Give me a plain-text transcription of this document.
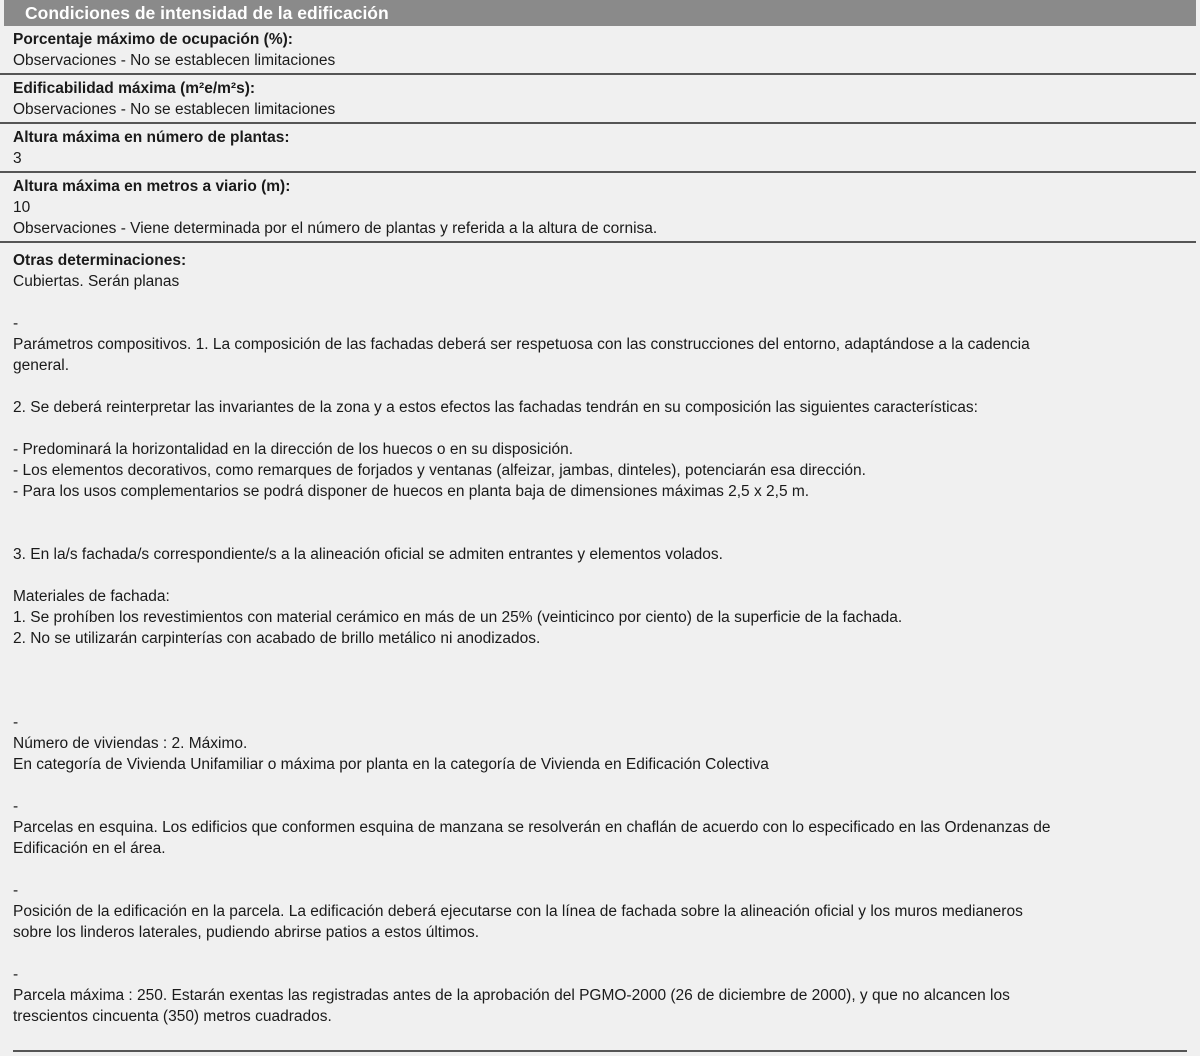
Condiciones de intensidad de la edificación
Porcentaje máximo de ocupación (%):
Observaciones - No se establecen limitaciones
Edificabilidad máxima (m²e/m²s):
Observaciones - No se establecen limitaciones
Altura máxima en número de plantas:
3
Altura máxima en metros a viario (m):
10
Observaciones - Viene determinada por el número de plantas y referida a la altura de cornisa.
Otras determinaciones:
Cubiertas. Serán planas
-
Parámetros compositivos. 1. La composición de las fachadas deberá ser respetuosa con las construcciones del entorno, adaptándose a la cadencia
general.
2. Se deberá reinterpretar las invariantes de la zona y a estos efectos las fachadas tendrán en su composición las siguientes características:
- Predominará la horizontalidad en la dirección de los huecos o en su disposición.
- Los elementos decorativos, como remarques de forjados y ventanas (alfeizar, jambas, dinteles), potenciarán esa dirección.
- Para los usos complementarios se podrá disponer de huecos en planta baja de dimensiones máximas 2,5 x 2,5 m.
3. En la/s fachada/s correspondiente/s a la alineación oficial se admiten entrantes y elementos volados.
Materiales de fachada:
1. Se prohíben los revestimientos con material cerámico en más de un 25% (veinticinco por ciento) de la superficie de la fachada.
2. No se utilizarán carpinterías con acabado de brillo metálico ni anodizados.
-
Número de viviendas : 2. Máximo.
En categoría de Vivienda Unifamiliar o máxima por planta en la categoría de Vivienda en Edificación Colectiva
-
Parcelas en esquina. Los edificios que conformen esquina de manzana se resolverán en chaflán de acuerdo con lo especificado en las Ordenanzas de
Edificación en el área.
-
Posición de la edificación en la parcela. La edificación deberá ejecutarse con la línea de fachada sobre la alineación oficial y los muros medianeros
sobre los linderos laterales, pudiendo abrirse patios a estos últimos.
-
Parcela máxima : 250. Estarán exentas las registradas antes de la aprobación del PGMO-2000 (26 de diciembre de 2000), y que no alcancen los
trescientos cincuenta (350) metros cuadrados.
